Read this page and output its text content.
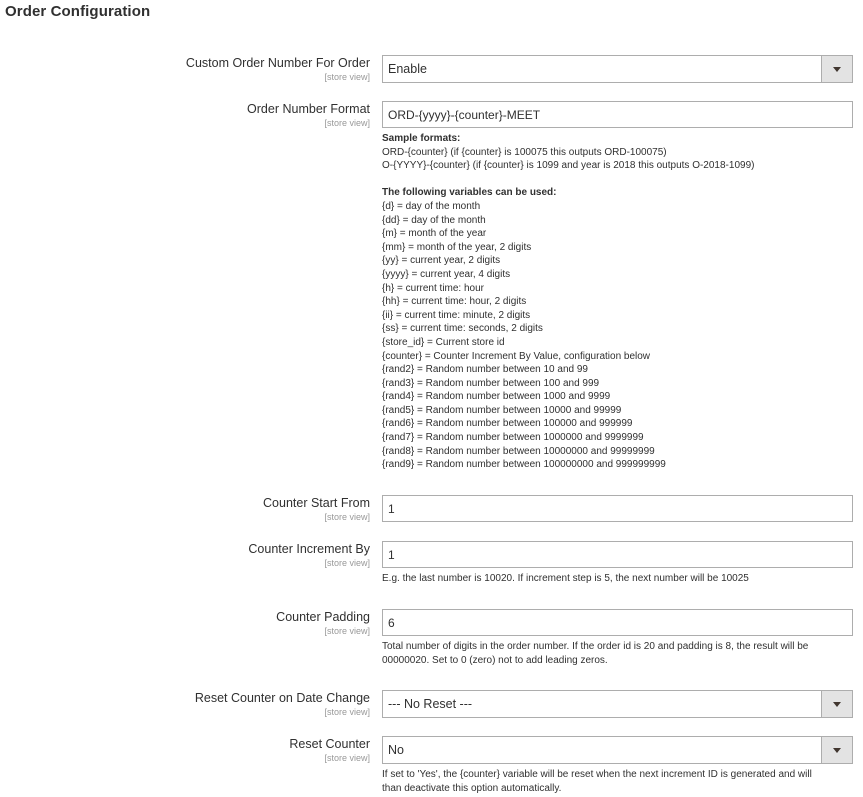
Order Configuration
Custom Order Number For Order
[store view]
Enable
Order Number Format
[store view]
ORD-{yyyy}-{counter}-MEET
Sample formats:
ORD-{counter} (if {counter} is 100075 this outputs ORD-100075)
O-{YYYY}-{counter} (if {counter} is 1099 and year is 2018 this outputs O-2018-1099)
The following variables can be used:
{d} = day of the month
{dd} = day of the month
{m} = month of the year
{mm} = month of the year, 2 digits
{yy} = current year, 2 digits
{yyyy} = current year, 4 digits
{h} = current time: hour
{hh} = current time: hour, 2 digits
{ii} = current time: minute, 2 digits
{ss} = current time: seconds, 2 digits
{store_id} = Current store id
{counter} = Counter Increment By Value, configuration below
{rand2} = Random number between 10 and 99
{rand3} = Random number between 100 and 999
{rand4} = Random number between 1000 and 9999
{rand5} = Random number between 10000 and 99999
{rand6} = Random number between 100000 and 999999
{rand7} = Random number between 1000000 and 9999999
{rand8} = Random number between 10000000 and 99999999
{rand9} = Random number between 100000000 and 999999999
Counter Start From
[store view]
1
Counter Increment By
[store view]
1
E.g. the last number is 10020. If increment step is 5, the next number will be 10025
Counter Padding
[store view]
6
Total number of digits in the order number. If the order id is 20 and padding is 8, the result will be
00000020. Set to 0 (zero) not to add leading zeros.
Reset Counter on Date Change
[store view]
--- No Reset ---
Reset Counter
[store view]
No
If set to 'Yes', the {counter} variable will be reset when the next increment ID is generated and will
than deactivate this option automatically.
